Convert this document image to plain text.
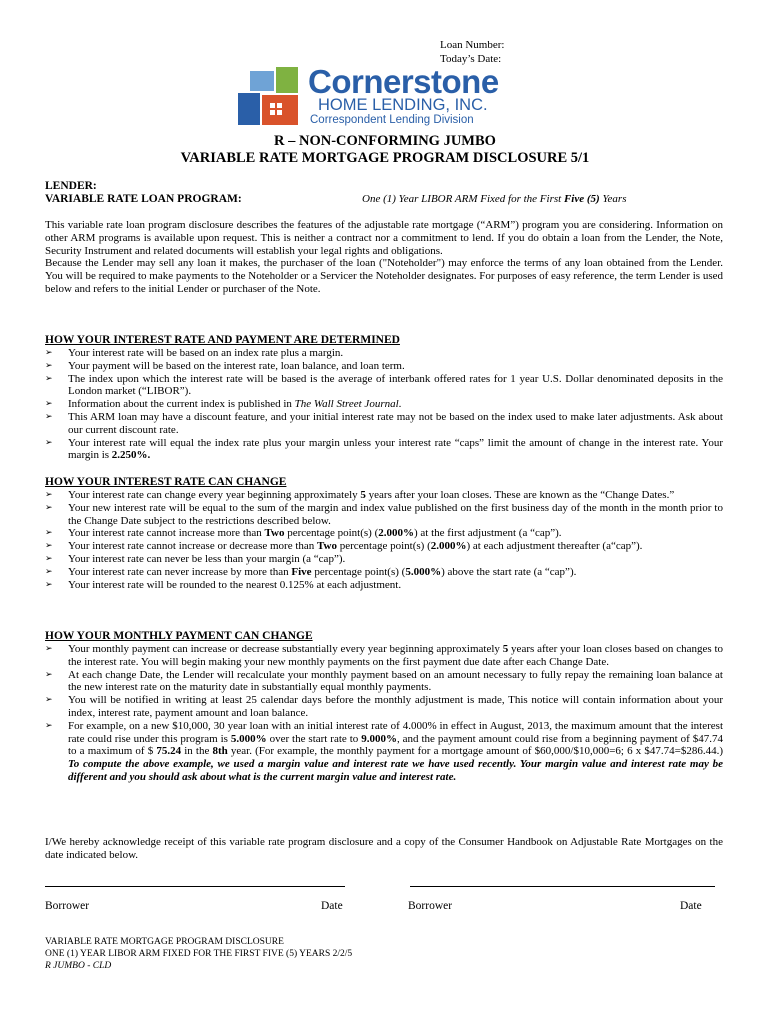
Loan Number:
Today’s Date:
Cornerstone
HOME LENDING, INC.
Correspondent Lending Division
R – NON-CONFORMING JUMBO
VARIABLE RATE MORTGAGE PROGRAM DISCLOSURE 5/1
LENDER:
VARIABLE RATE LOAN PROGRAM:	One (1) Year LIBOR ARM Fixed for the First Five (5) Years

This variable rate loan program disclosure describes the features of the adjustable rate mortgage (“ARM”) program you are considering. Information on other ARM programs is available upon request. This is neither a contract nor a commitment to lend. If you do obtain a loan from the Lender, the Note, Security Instrument and related documents will establish your legal rights and obligations.

Because the Lender may sell any loan it makes, the purchaser of the loan ("Noteholder") may enforce the terms of any loan obtained from the Lender. You will be required to make payments to the Noteholder or a Servicer the Noteholder designates. For purposes of easy reference, the term Lender is used below and refers to the initial Lender or purchaser of the Note.

HOW YOUR INTEREST RATE AND PAYMENT ARE DETERMINED
➢ Your interest rate will be based on an index rate plus a margin.
➢ Your payment will be based on the interest rate, loan balance, and loan term.
➢ The index upon which the interest rate will be based is the average of interbank offered rates for 1 year U.S. Dollar denominated deposits in the London market (“LIBOR”).
➢ Information about the current index is published in The Wall Street Journal.
➢ This ARM loan may have a discount feature, and your initial interest rate may not be based on the index used to make later adjustments. Ask about our current discount rate.
➢ Your interest rate will equal the index rate plus your margin unless your interest rate “caps” limit the amount of change in the interest rate. Your margin is 2.250%.
HOW YOUR INTEREST RATE CAN CHANGE
➢ Your interest rate can change every year beginning approximately 5 years after your loan closes. These are known as the “Change Dates.”
➢ Your new interest rate will be equal to the sum of the margin and index value published on the first business day of the month in the month prior to the Change Date subject to the restrictions described below.
➢ Your interest rate cannot increase more than Two percentage point(s) (2.000%) at the first adjustment (a “cap”).
➢ Your interest rate cannot increase or decrease more than Two percentage point(s) (2.000%) at each adjustment thereafter (a“cap”).
➢ Your interest rate can never be less than your margin (a “cap”).
➢ Your interest rate can never increase by more than Five percentage point(s) (5.000%) above the start rate (a “cap”).
➢ Your interest rate will be rounded to the nearest 0.125% at each adjustment.
HOW YOUR MONTHLY PAYMENT CAN CHANGE
➢ Your monthly payment can increase or decrease substantially every year beginning approximately 5 years after your loan closes based on changes to the interest rate. You will begin making your new monthly payments on the first payment due date after each Change Date.
➢ At each change Date, the Lender will recalculate your monthly payment based on an amount necessary to fully repay the remaining loan balance at the new interest rate on the maturity date in substantially equal monthly payments.
➢ You will be notified in writing at least 25 calendar days before the monthly adjustment is made, This notice will contain information about your index, interest rate, payment amount and loan balance.
➢ For example, on a new $10,000, 30 year loan with an initial interest rate of 4.000% in effect in August, 2013, the maximum amount that the interest rate could rise under this program is 5.000% over the start rate to 9.000%, and the payment amount could rise from a beginning payment of $47.74 to a maximum of $ 75.24 in the 8th year. (For example, the monthly payment for a mortgage amount of $60,000/$10,000=6; 6 x $47.74=$286.44.) To compute the above example, we used a margin value and interest rate we have used recently. Your margin value and interest rate may be different and you should ask about what is the current margin value and interest rate.
I/We hereby acknowledge receipt of this variable rate program disclosure and a copy of the Consumer Handbook on Adjustable Rate Mortgages on the date indicated below.
Borrower	Date	Borrower	Date
VARIABLE RATE MORTGAGE PROGRAM DISCLOSURE
ONE (1) YEAR LIBOR ARM FIXED FOR THE FIRST FIVE (5) YEARS 2/2/5
R JUMBO - CLD
